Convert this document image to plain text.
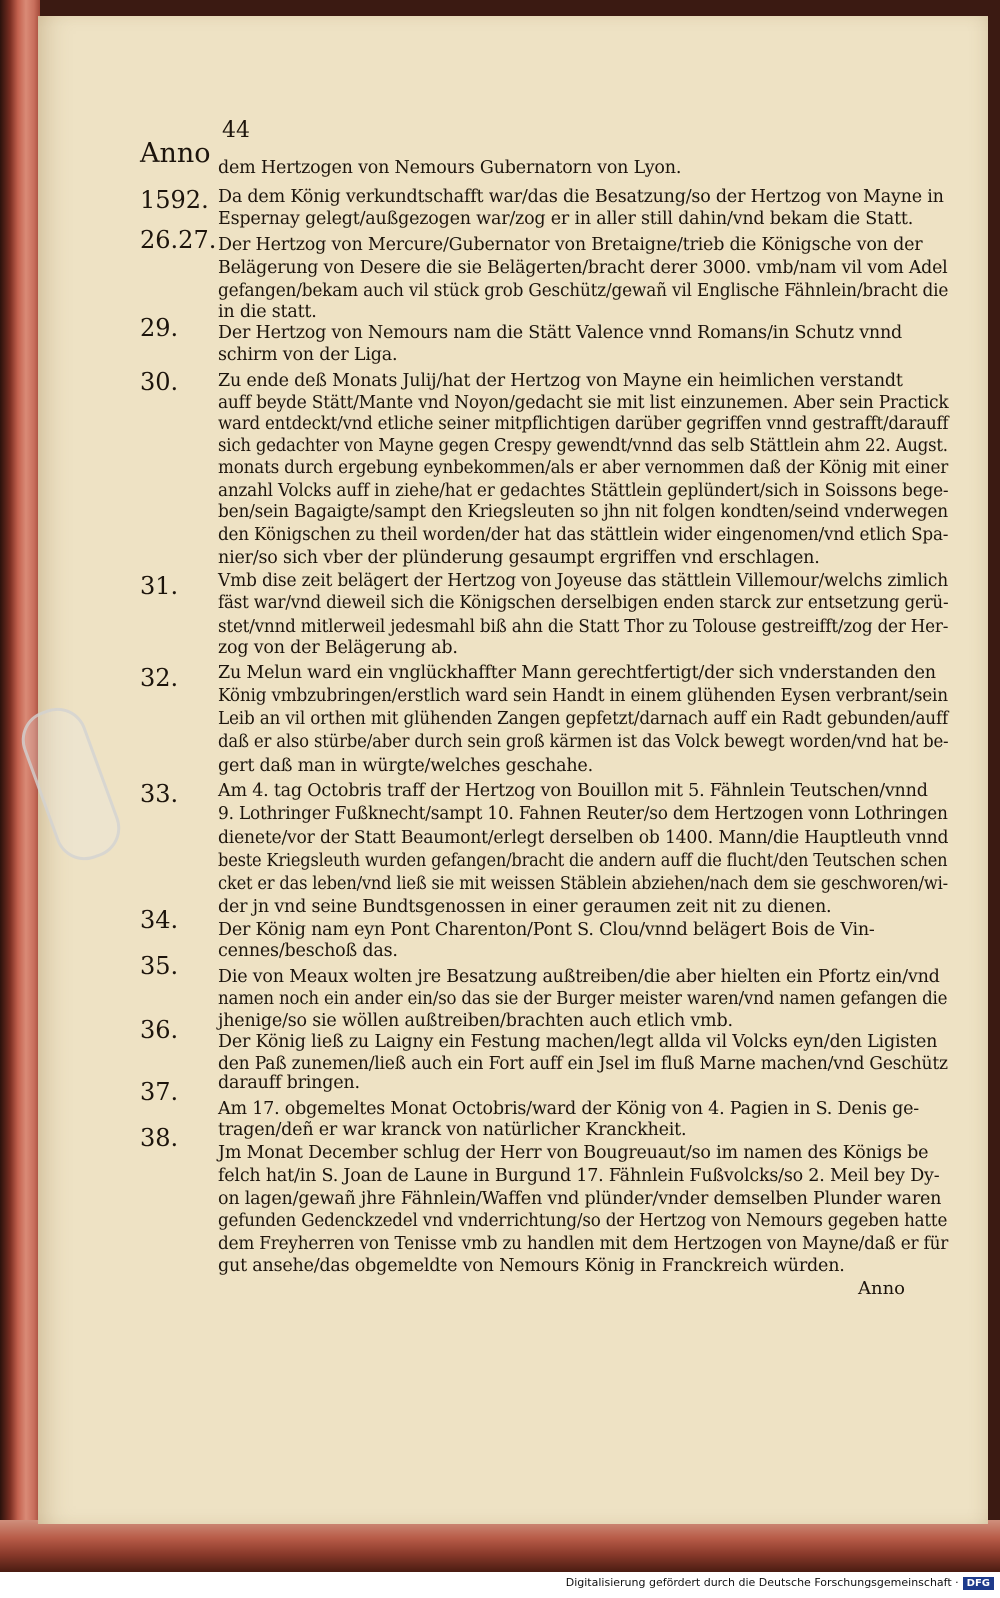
44
Anno
1592.
26.27.
29.
30.
31.
32.
33.
34.
35.
36.
37.
38.
dem Hertzogen von Nemours Gubernatorn von Lyon.
Da dem König verkundtschafft war/das die Besatzung/so der Hertzog von Mayne in
Espernay gelegt/außgezogen war/zog er in aller still dahin/vnd bekam die Statt.
Der Hertzog von Mercure/Gubernator von Bretaigne/trieb die Königsche von der
Belägerung von Desere die sie Belägerten/bracht derer 3000. vmb/nam vil vom Adel
gefangen/bekam auch vil stück grob Geschütz/gewañ vil Englische Fähnlein/bracht die
in die statt.
Der Hertzog von Nemours nam die Stätt Valence vnnd Romans/in Schutz vnnd
schirm von der Liga.
Zu ende deß Monats Julij/hat der Hertzog von Mayne ein heimlichen verstandt
auff beyde Stätt/Mante vnd Noyon/gedacht sie mit list einzunemen. Aber sein Practick
ward entdeckt/vnd etliche seiner mitpflichtigen darüber gegriffen vnnd gestrafft/darauff
sich gedachter von Mayne gegen Crespy gewendt/vnnd das selb Stättlein ahm 22. Augst.
monats durch ergebung eynbekommen/als er aber vernommen daß der König mit einer
anzahl Volcks auff in ziehe/hat er gedachtes Stättlein geplündert/sich in Soissons bege-
ben/sein Bagaigte/sampt den Kriegsleuten so jhn nit folgen kondten/seind vnderwegen
den Königschen zu theil worden/der hat das stättlein wider eingenomen/vnd etlich Spa-
nier/so sich vber der plünderung gesaumpt ergriffen vnd erschlagen.
Vmb dise zeit belägert der Hertzog von Joyeuse das stättlein Villemour/welchs zimlich
fäst war/vnd dieweil sich die Königschen derselbigen enden starck zur entsetzung gerü-
stet/vnnd mitlerweil jedesmahl biß ahn die Statt Thor zu Tolouse gestreifft/zog der Her-
zog von der Belägerung ab.
Zu Melun ward ein vnglückhaffter Mann gerechtfertigt/der sich vnderstanden den
König vmbzubringen/erstlich ward sein Handt in einem glühenden Eysen verbrant/sein
Leib an vil orthen mit glühenden Zangen gepfetzt/darnach auff ein Radt gebunden/auff
daß er also stürbe/aber durch sein groß kärmen ist das Volck bewegt worden/vnd hat be-
gert daß man in würgte/welches geschahe.
Am 4. tag Octobris traff der Hertzog von Bouillon mit 5. Fähnlein Teutschen/vnnd
9. Lothringer Fußknecht/sampt 10. Fahnen Reuter/so dem Hertzogen vonn Lothringen
dienete/vor der Statt Beaumont/erlegt derselben ob 1400. Mann/die Hauptleuth vnnd
beste Kriegsleuth wurden gefangen/bracht die andern auff die flucht/den Teutschen schen
cket er das leben/vnd ließ sie mit weissen Stäblein abziehen/nach dem sie geschworen/wi-
der jn vnd seine Bundtsgenossen in einer geraumen zeit nit zu dienen.
Der König nam eyn Pont Charenton/Pont S. Clou/vnnd belägert Bois de Vin-
cennes/beschoß das.
Die von Meaux wolten jre Besatzung außtreiben/die aber hielten ein Pfortz ein/vnd
namen noch ein ander ein/so das sie der Burger meister waren/vnd namen gefangen die
jhenige/so sie wöllen außtreiben/brachten auch etlich vmb.
Der König ließ zu Laigny ein Festung machen/legt allda vil Volcks eyn/den Ligisten
den Paß zunemen/ließ auch ein Fort auff ein Jsel im fluß Marne machen/vnd Geschütz
darauff bringen.
Am 17. obgemeltes Monat Octobris/ward der König von 4. Pagien in S. Denis ge-
tragen/deñ er war kranck von natürlicher Kranckheit.
Jm Monat December schlug der Herr von Bougreuaut/so im namen des Königs be
felch hat/in S. Joan de Laune in Burgund 17. Fähnlein Fußvolcks/so 2. Meil bey Dy-
on lagen/gewañ jhre Fähnlein/Waffen vnd plünder/vnder demselben Plunder waren
gefunden Gedenckzedel vnd vnderrichtung/so der Hertzog von Nemours gegeben hatte
dem Freyherren von Tenisse vmb zu handlen mit dem Hertzogen von Mayne/daß er für
gut ansehe/das obgemeldte von Nemours König in Franckreich würden.
Anno
Digitalisierung gefördert durch die Deutsche Forschungsgemeinschaft · DFG
